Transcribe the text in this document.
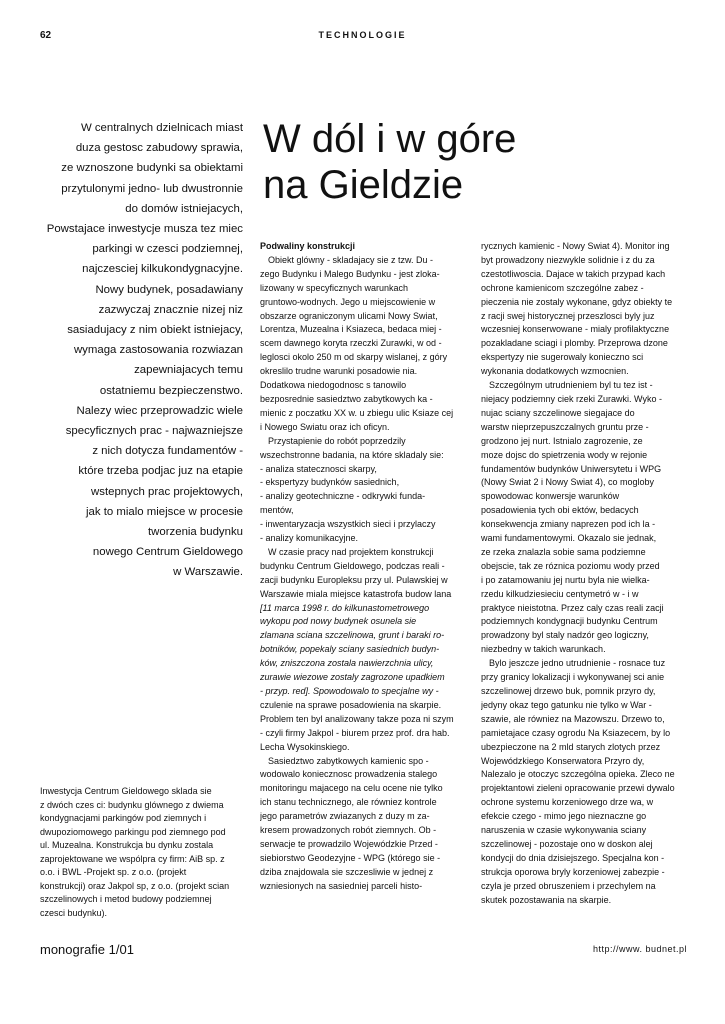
62	TECHNOLOGIE
W centralnych dzielnicach miast
duza gestosc zabudowy sprawia,
ze wznoszone budynki sa obiektami
przytulonymi jedno- lub dwustronnie
do domów istniejacych,
Powstajace inwestycje musza tez miec
parkingi w czesci podziemnej,
najczesciej kilkukondygnacyjne.
Nowy budynek, posadawiany
zazwyczaj znacznie nizej niz
sasiadujacy z nim obiekt istniejacy,
wymaga zastosowania rozwiazan
zapewniajacych temu
ostatniemu bezpieczenstwo.
Nalezy wiec przeprowadzic wiele
specyficznych prac - najwazniejsze
z nich dotycza fundamentów -
które trzeba podjac juz na etapie
wstepnych prac projektowych,
jak to mialo miejsce w procesie
tworzenia budynku
nowego Centrum Gieldowego
w Warszawie.
W dól i w góre
na Gieldzie
Podwaliny konstrukcji
Obiekt glówny - skladajacy sie z tzw. Du -
zego Budynku i Malego Budynku - jest zloka-
lizowany w specyficznych warunkach
gruntowo-wodnych. Jego u miejscowienie w
obszarze ograniczonym ulicami Nowy Swiat,
Lorentza, Muzealna i Ksiazeca, bedaca miej -
scem dawnego koryta rzeczki Zurawki, w od -
leglosci okolo 250 m od skarpy wislanej, z góry
okreslilo trudne warunki posadowie nia.
Dodatkowa niedogodnosc s tanowilo
bezposrednie sasiedztwo zabytkowych ka -
mienic z poczatku XX w. u zbiegu ulic Ksiaze cej
i Nowego Swiatu oraz ich oficyn.
Przystapienie do robót poprzedzily
wszechstronne badania, na które skladaly sie:
- analiza statecznosci skarpy,
- ekspertyzy budynków sasiednich,
- analizy geotechniczne - odkrywki funda-
mentów,
- inwentaryzacja wszystkich sieci i przylaczy
- analizy komunikacyjne.
W czasie pracy nad projektem konstrukcji
budynku Centrum Gieldowego, podczas reali -
zacji budynku Europleksu przy ul. Pulawskiej w
Warszawie miala miejsce katastrofa budow lana
[11 marca 1998 r. do kilkunastometrowego
wykopu pod nowy budynek osunela sie
zlamana sciana szczelinowa, grunt i baraki ro-
botników, popekaly sciany sasiednich budyn-
ków, zniszczona zostala nawierzchnia ulicy,
zurawie wiezowe zostaly zagrozone upadkiem
- przyp. red]. Spowodowalo to specjalne wy -
czulenie na sprawe posadowienia na skarpie.
Problem ten byl analizowany takze poza ni szym
- czyli firmy Jakpol - biurem przez prof. dra hab.
Lecha Wysokinskiego.
Sasiedztwo zabytkowych kamienic spo -
wodowalo koniecznosc prowadzenia stalego
monitoringu majacego na celu ocene nie tylko
ich stanu technicznego, ale równiez kontrole
jego parametrów zwiazanych z duzy m za-
kresem prowadzonych robót ziemnych. Ob -
serwacje te prowadzilo Wojewódzkie Przed -
siebiorstwo Geodezyjne - WPG (którego sie -
dziba znajdowala sie szczesliwie w jednej z
wzniesionych na sasiedniej parceli histo-
rycznych kamienic - Nowy Swiat 4). Monitor ing
byt prowadzony niezwykle solidnie i z du za
czestotliwoscia. Dajace w takich przypad kach
ochrone kamienicom szczególne zabez -
pieczenia nie zostaly wykonane, gdyz obiekty te
z racji swej historycznej przeszlosci byly juz
wczesniej konserwowane - mialy profilaktyczne
pozakladane sciagi i plomby. Przeprowa dzone
ekspertyzy nie sugerowaly konieczno sci
wykonania dodatkowych wzmocnien.
Szczególnym utrudnieniem byl tu tez ist -
niejacy podziemny ciek rzeki Zurawki. Wyko -
nujac sciany szczelinowe siegajace do
warstw nieprzepuszczalnych gruntu prze -
grodzono jej nurt. Istnialo zagrozenie, ze
moze dojsc do spietrzenia wody w rejonie
fundamentów budynków Uniwersytetu i WPG
(Nowy Swiat 2 i Nowy Swiat 4), co mogloby
spowodowac konwersje warunków
posadowienia tych obi ektów, bedacych
konsekwencja zmiany naprezen pod ich la -
wami fundamentowymi. Okazalo sie jednak,
ze rzeka znalazla sobie sama podziemne
obejscie, tak ze róznica poziomu wody przed
i po zatamowaniu jej nurtu byla nie wielka-
rzedu kilkudziesieciu centymetró w - i w
praktyce nieistotna. Przez caly czas reali zacji
podziemnych kondygnacji budynku Centrum
prowadzony byl staly nadzór geo logiczny,
niezbedny w takich warunkach.
Bylo jeszcze jedno utrudnienie - rosnace tuz
przy granicy lokalizacji i wykonywanej sci anie
szczelinowej drzewo buk, pomnik przyro dy,
jedyny okaz tego gatunku nie tylko w War -
szawie, ale równiez na Mazowszu. Drzewo to,
pamietajace czasy ogrodu Na Ksiazecem, by lo
ubezpieczone na 2 mld starych zlotych przez
Wojewódzkiego Konserwatora Przyro dy,
Nalezalo je otoczyc szczególna opieka. Zleco ne
projektantowi zieleni opracowanie przewi dywalo
ochrone systemu korzeniowego drze wa, w
efekcie czego - mimo jego nieznaczne go
naruszenia w czasie wykonywania sciany
szczelinowej - pozostaje ono w doskon alej
kondycji do dnia dzisiejszego. Specjalna kon -
strukcja oporowa bryly korzeniowej zabezpie -
czyla je przed obruszeniem i przechylem na
skutek pozostawania na skarpie.
Inwestycja Centrum Gieldowego sklada sie
z dwóch czes ci: budynku glównego z dwiema
kondygnacjami parkingów pod ziemnych i
dwupoziomowego parkingu pod ziemnego pod
ul. Muzealna. Konstrukcja bu dynku zostala
zaprojektowane we wspólpra cy firm: AiB sp. z
o.o. i BWL -Projekt sp. z o.o. (projekt
konstrukcji) oraz Jakpol sp, z o.o. (projekt scian
szczelinowych i metod budowy podziemnej
czesci budynku).
monografie 1/01	http://www. budnet.pl
